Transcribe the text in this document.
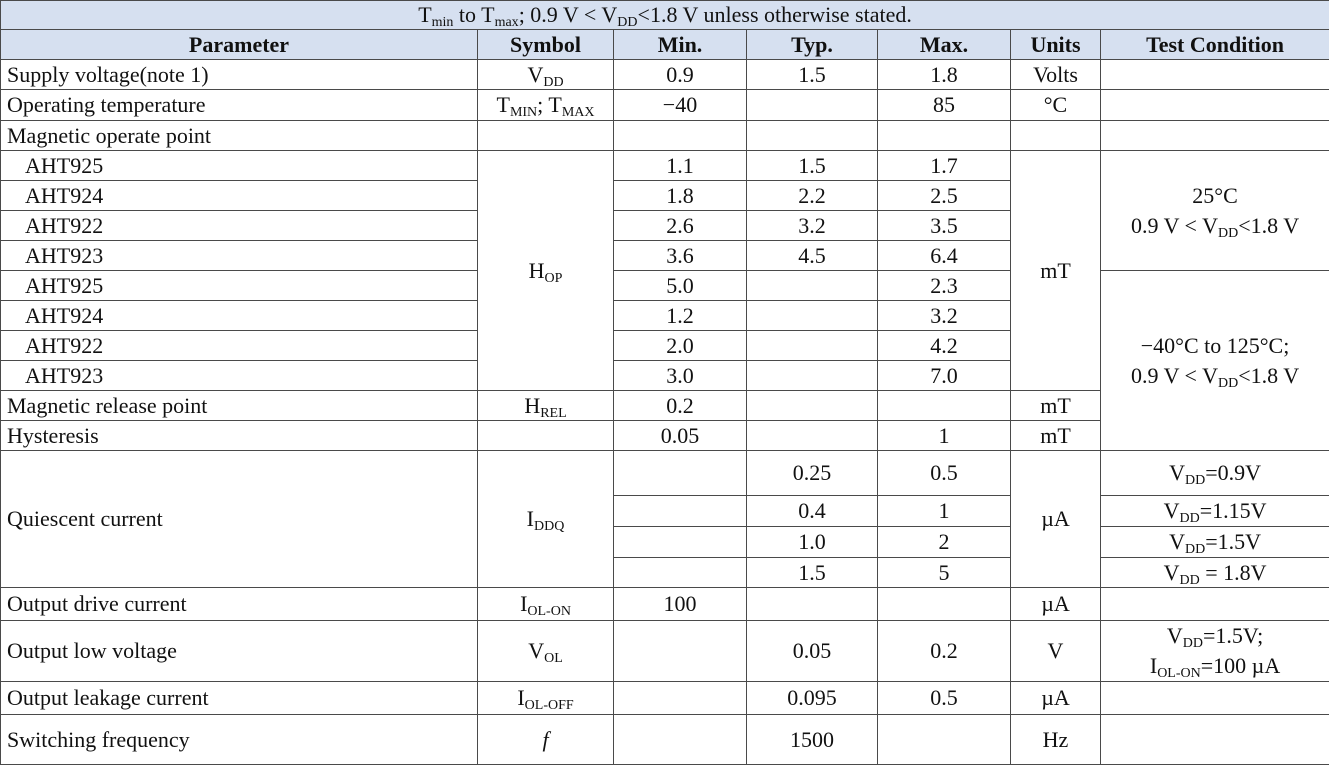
$T_{min}$ to $T_{max}$; 0.9 $V < V_{DD}<1.8$ V unless otherwise stated.						
Parameter	Symbol	Min.	Typ.	Max.	Units	Test Condition
Supply voltage(note 1)	$V_{DD}$	0.9	1.5	1.8	Volts	
Operating temperature	$T_{MIN}$; $T_{MAX}$	−40		85	°C	
Magnetic operate point						
AHT925	$H_{OP}$	1.1	1.5	1.7	mT	25°C
0.9 $V < V_{DD}<1.8$ V
AHT924		1.8	2.2	2.5		
AHT922		2.6	3.2	3.5		
AHT923		3.6	4.5	6.4		
AHT925		5.0		2.3		−40°C to 125°C;
0.9 $V < V_{DD}<1.8$ V
AHT924		1.2		3.2		
AHT922		2.0		4.2		
AHT923		3.0		7.0		
Magnetic release point	$H_{REL}$	0.2			mT	
Hysteresis		0.05		1	mT	
Quiescent current	$I_{DDQ}$		0.25	0.5	µA	$V_{DD}=0.9V$
			0.4	1		$V_{DD}=1.15V$
			1.0	2		$V_{DD}=1.5V$
			1.5	5		$V_{DD} = 1.8V$
Output drive current	$I_{OL-ON}$	100			µA	
Output low voltage	$V_{OL}$		0.05	0.2	V	$V_{DD}=1.5V$;
$I_{OL-ON}=100$ µA
Output leakage current	$I_{OL-OFF}$		0.095	0.5	µA	
Switching frequency	f		1500		Hz	
